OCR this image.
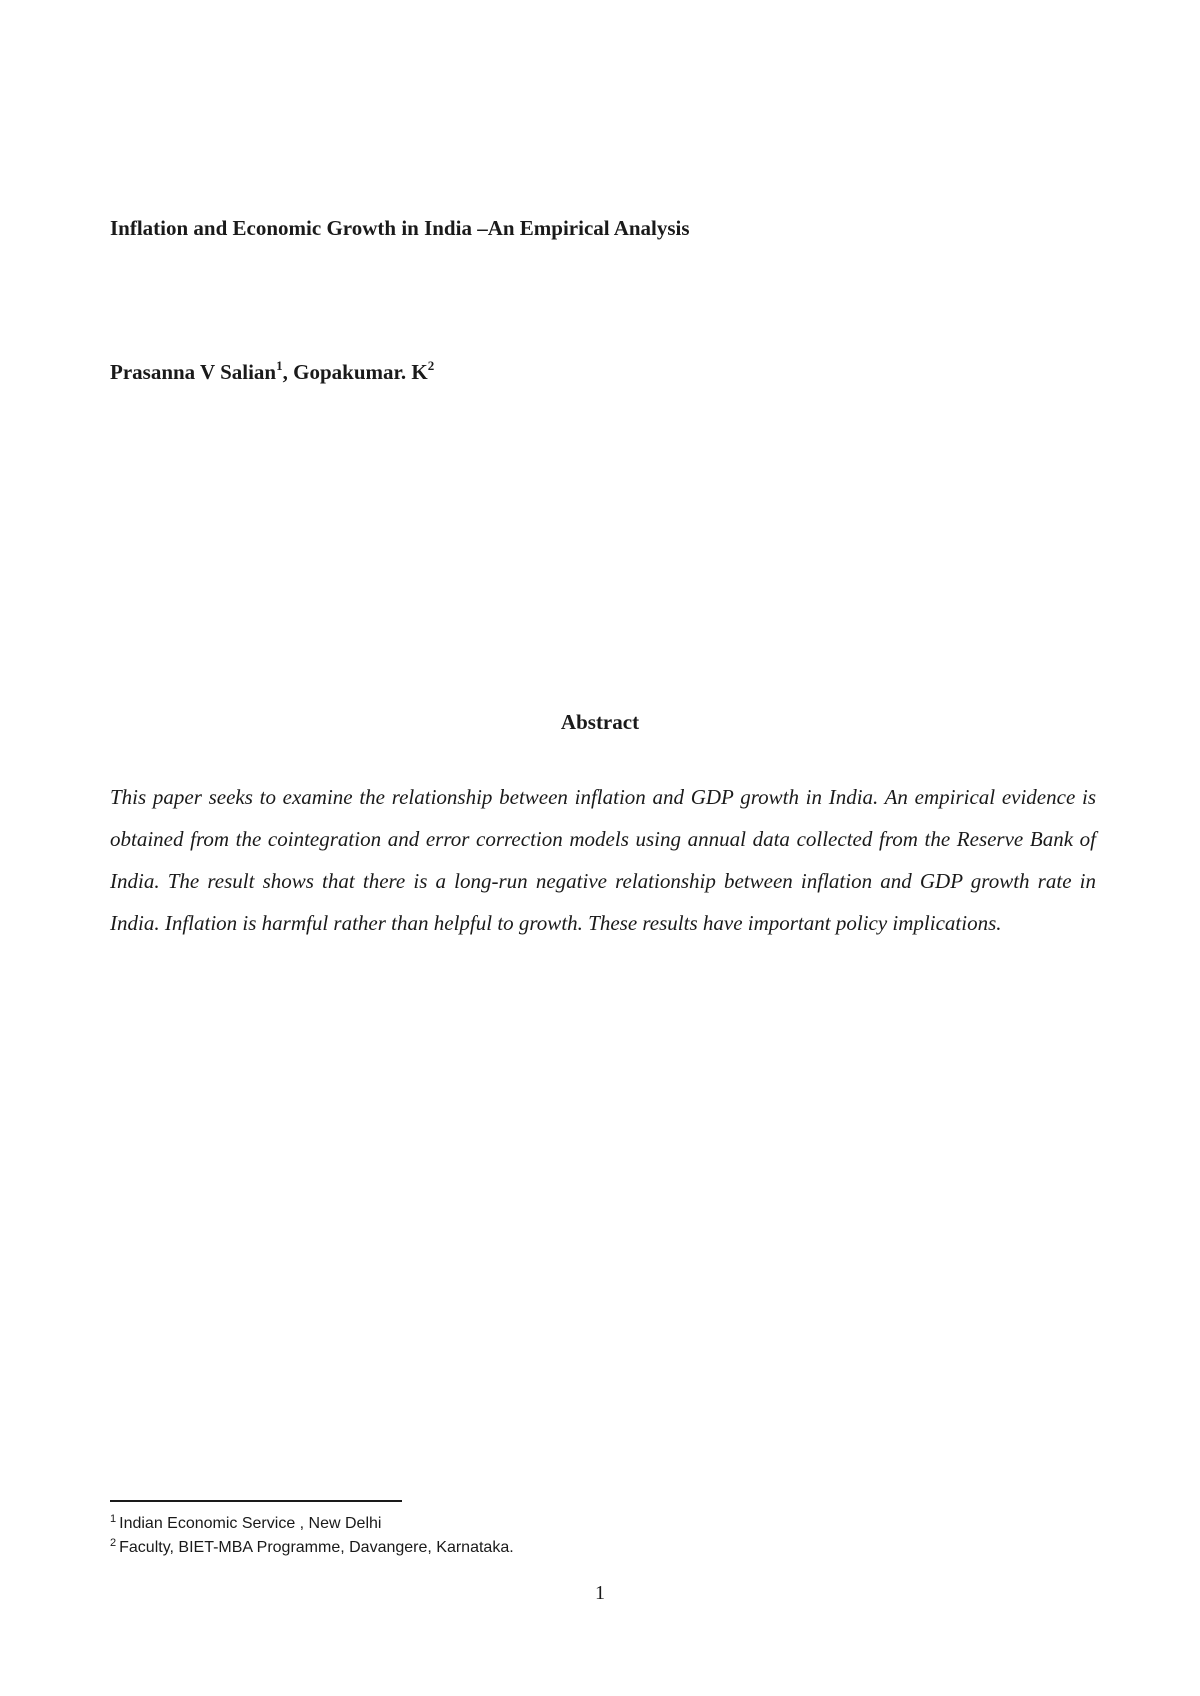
Inflation and Economic Growth in India –An Empirical Analysis
Prasanna V Salian$^1$, Gopakumar. $K^2$
Abstract

This paper seeks to examine the relationship between inflation and GDP growth in India. An empirical evidence is obtained from the cointegration and error correction models using annual data collected from the Reserve Bank of India. The result shows that there is a long-run negative relationship between inflation and GDP growth rate in India. Inflation is harmful rather than helpful to growth. These results have important policy implications.

$^1$ Indian Economic Service , New Delhi
$^2$ Faculty, BIET-MBA Programme, Davangere, Karnataka.
1
